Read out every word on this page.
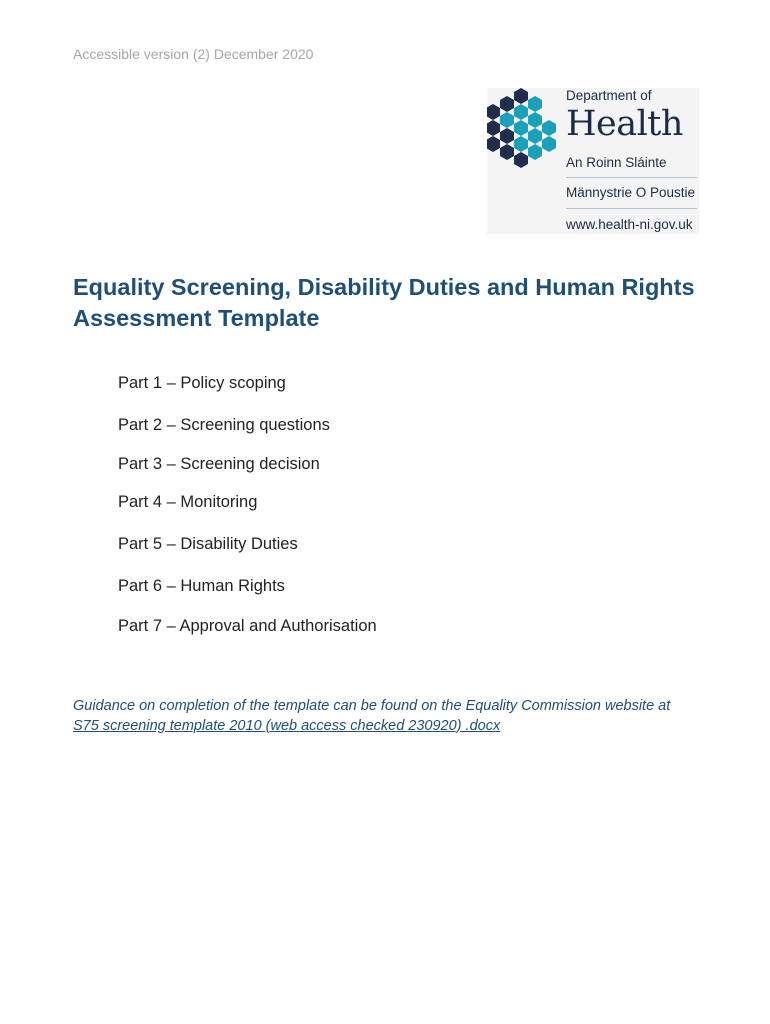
Accessible version (2) December 2020
Department of
Health
An Roinn Sláinte
Männystrie O Poustie
www.health-ni.gov.uk
Equality Screening, Disability Duties and Human Rights Assessment Template
Part 1 – Policy scoping
Part 2 – Screening questions
Part 3 – Screening decision
Part 4 – Monitoring
Part 5 – Disability Duties
Part 6 – Human Rights
Part 7 – Approval and Authorisation

Guidance on completion of the template can be found on the Equality Commission website at
S75 screening template 2010 (web access checked 230920) .docx
